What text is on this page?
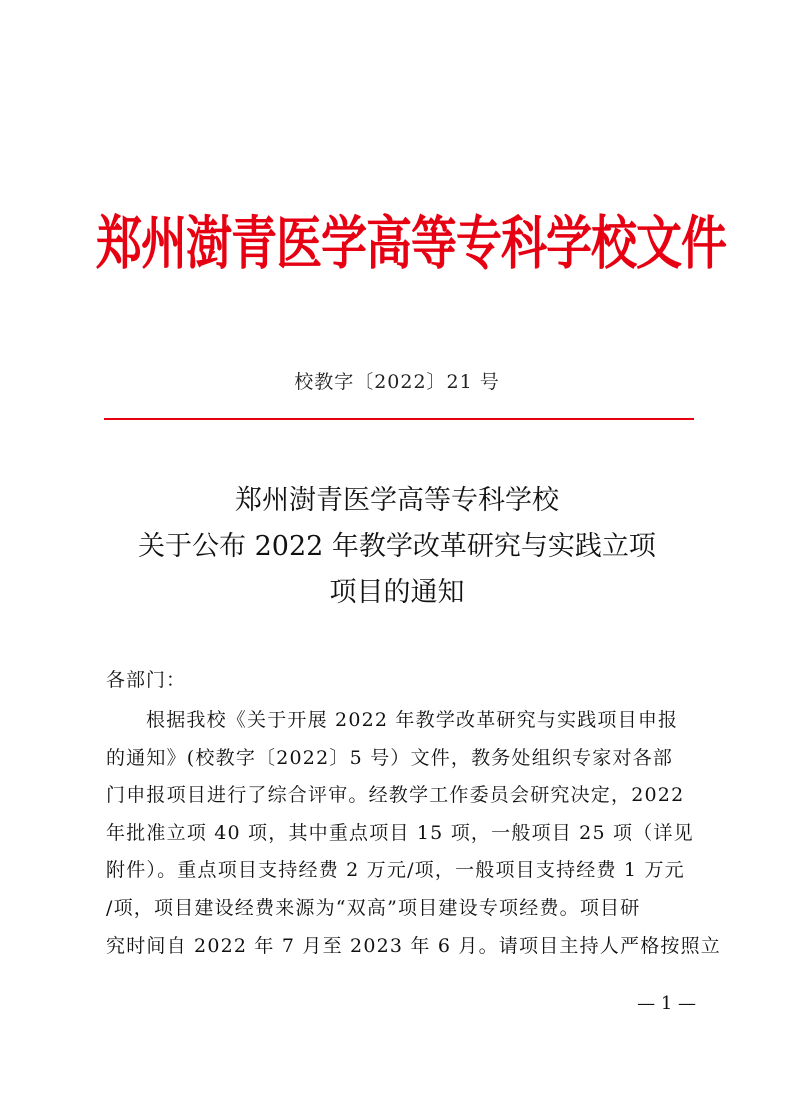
郑州澍青医学高等专科学校文件
校教字〔2022〕21 号
郑州澍青医学高等专科学校
关于公布 2022 年教学改革研究与实践立项
项目的通知
各部门：
根据我校《关于开展 2022 年教学改革研究与实践项目申报
的通知》(校教字〔2022〕5 号）文件，教务处组织专家对各部
门申报项目进行了综合评审。经教学工作委员会研究决定，2022
年批准立项 40 项，其中重点项目 15 项，一般项目 25 项（详见
附件）。重点项目支持经费 2 万元/项，一般项目支持经费 1 万元
/项，项目建设经费来源为“双高”项目建设专项经费。项目研
究时间自 2022 年 7 月至 2023 年 6 月。请项目主持人严格按照立
— 1 —
